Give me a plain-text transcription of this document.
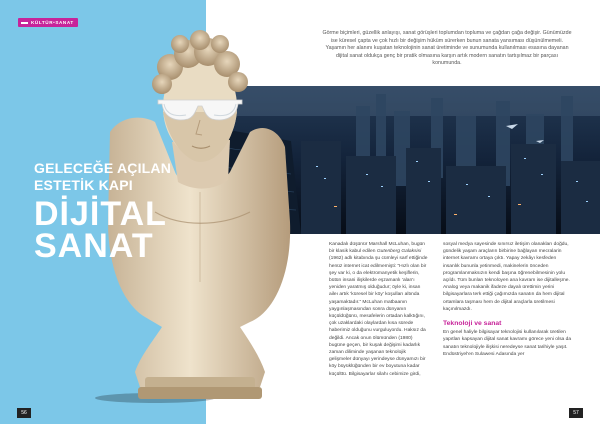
KÜLTÜR•SANAT
56
GELECEĞE AÇILAN
ESTETİK KAPI
DİJİTAL
SANAT
Görme biçimleri, güzellik anlayışı, sanat görüşleri toplumdan topluma ve çağdan çağa değişir. Günümüzde ise küresel çapta ve çok hızlı bir değişim hüküm sürerken bunun sanata yansıması düşünülmemeli. Yaşamın her alanını kuşatan teknolojinin sanat üretiminde ve sunumunda kullanılması esasına dayanan dijital sanat oldukça genç bir pratik olmasına karşın artık modern sanatın tartışılmaz bir parçası konumunda.
Kanadalı düşünür Marshall McLuhan, bugün bir klasik kabul edilen Gutenberg Galaksisi (1962) adlı kitabında şu cümleyi sarf ettiğinde henüz internet icat edilmemişti: “Hızlı olan bir şey var ki, o da elektromanyetik keşiflerin, bütün insani ilişkilerde eşzamanlı ‘alan’ı yeniden yaratmış olduğudur; öyle ki, insan aileı artık ‘küresel bir köy’ koşulları altında yaşamaktadır.” McLuhan matbaanın yaygınlaşmasından sonra dünyanın küçüldüğünü, mesafelerin ortadan kalktığını, çok uzaklardaki olaylardan kısa sürede haberimiz olduğunu vurguluyordu. Haksız da değildi. Ancak onun ölümünden (1980) bugüne geçen, bir kuşak değişimi kadarlık zaman diliminde yaşanan teknolojik gelişmeler dünyayı yerindeyse dünyamızı bir köy büyüklüğünden bir ev boyutuna kadar küçülttü. Bilgisayarlar silahı cebimize girdi,
sosyal medya sayesinde sınırsız iletişim olanakları doğdu, gündelik yaşam araçların birbirine bağlayan mecralarin internet kavramı ortaya çıktı. Yapay zekâyı kesfeden insanlık bununla yetinmedi, makinelerin önceden programlanmaksızın kendi başına öğrenebilmesinin yolu açıldı. Tüm bunları teknoloyen ana kavram ise dijitalleşme. Analog veya makanik ifadeze dayalı ürettimin yerini bilgisayarlara terk ettiği çağımızda sanatın da hem dijital ortamlara taşması hem de dijital araçlarla üretilmesi kaçınılmazdı.
Teknoloji ve sanat
En genel haliyle bilgisayar teknolojisi kullanılarak üretilen yapıtları kapsayan dijital sanat kavramı görece yeni olsa da sanatın teknolojiyle ilişkisi neredeyse sanat tarihiyle yaşıt. Endüstriyel'en Sulawesi Adasında yer
57
